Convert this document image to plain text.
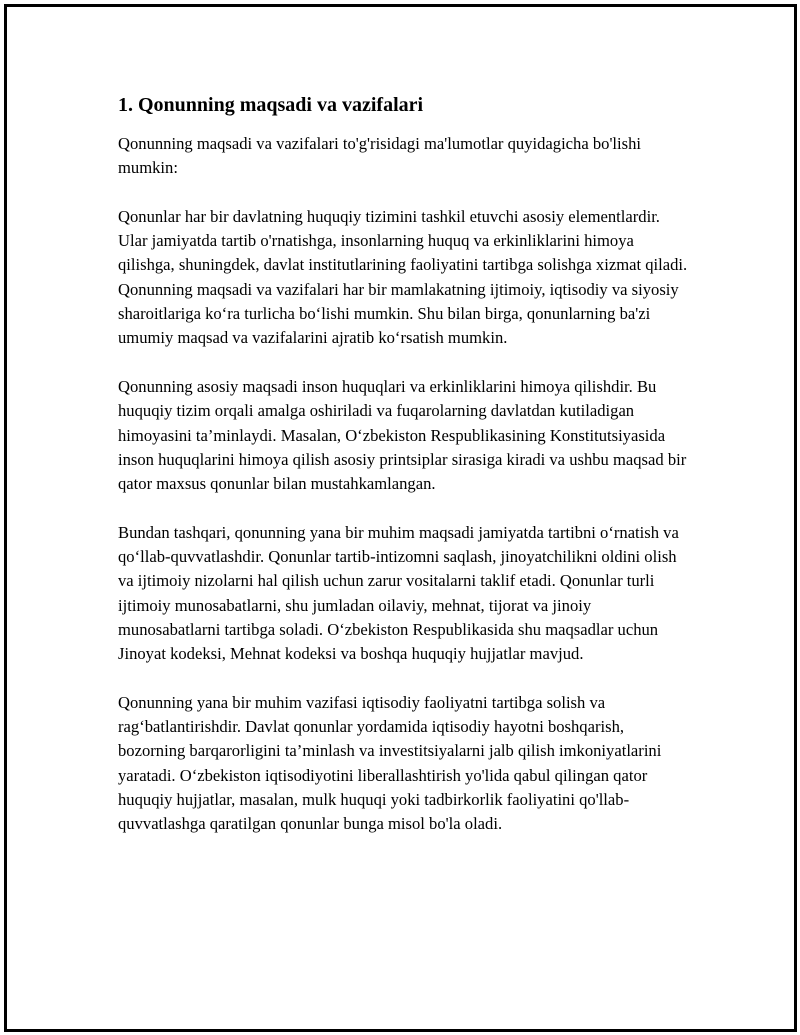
1. Qonunning maqsadi va vazifalari

Qonunning maqsadi va vazifalari to'g'risidagi ma'lumotlar quyidagicha bo'lishi mumkin:

Qonunlar har bir davlatning huquqiy tizimini tashkil etuvchi asosiy elementlardir. Ular jamiyatda tartib o'rnatishga, insonlarning huquq va erkinliklarini himoya qilishga, shuningdek, davlat institutlarining faoliyatini tartibga solishga xizmat qiladi. Qonunning maqsadi va vazifalari har bir mamlakatning ijtimoiy, iqtisodiy va siyosiy sharoitlariga ko‘ra turlicha bo‘lishi mumkin. Shu bilan birga, qonunlarning ba'zi umumiy maqsad va vazifalarini ajratib ko‘rsatish mumkin.

Qonunning asosiy maqsadi inson huquqlari va erkinliklarini himoya qilishdir. Bu huquqiy tizim orqali amalga oshiriladi va fuqarolarning davlatdan kutiladigan himoyasini ta’minlaydi. Masalan, O‘zbekiston Respublikasining Konstitutsiyasida inson huquqlarini himoya qilish asosiy printsiplar sirasiga kiradi va ushbu maqsad bir qator maxsus qonunlar bilan mustahkamlangan.

Bundan tashqari, qonunning yana bir muhim maqsadi jamiyatda tartibni o‘rnatish va qo‘llab-quvvatlashdir. Qonunlar tartib-intizomni saqlash, jinoyatchilikni oldini olish va ijtimoiy nizolarni hal qilish uchun zarur vositalarni taklif etadi. Qonunlar turli ijtimoiy munosabatlarni, shu jumladan oilaviy, mehnat, tijorat va jinoiy munosabatlarni tartibga soladi. O‘zbekiston Respublikasida shu maqsadlar uchun Jinoyat kodeksi, Mehnat kodeksi va boshqa huquqiy hujjatlar mavjud.

Qonunning yana bir muhim vazifasi iqtisodiy faoliyatni tartibga solish va rag‘batlantirishdir. Davlat qonunlar yordamida iqtisodiy hayotni boshqarish, bozorning barqarorligini ta’minlash va investitsiyalarni jalb qilish imkoniyatlarini yaratadi. O‘zbekiston iqtisodiyotini liberallashtirish yo'lida qabul qilingan qator huquqiy hujjatlar, masalan, mulk huquqi yoki tadbirkorlik faoliyatini qo'llab-quvvatlashga qaratilgan qonunlar bunga misol bo'la oladi.
